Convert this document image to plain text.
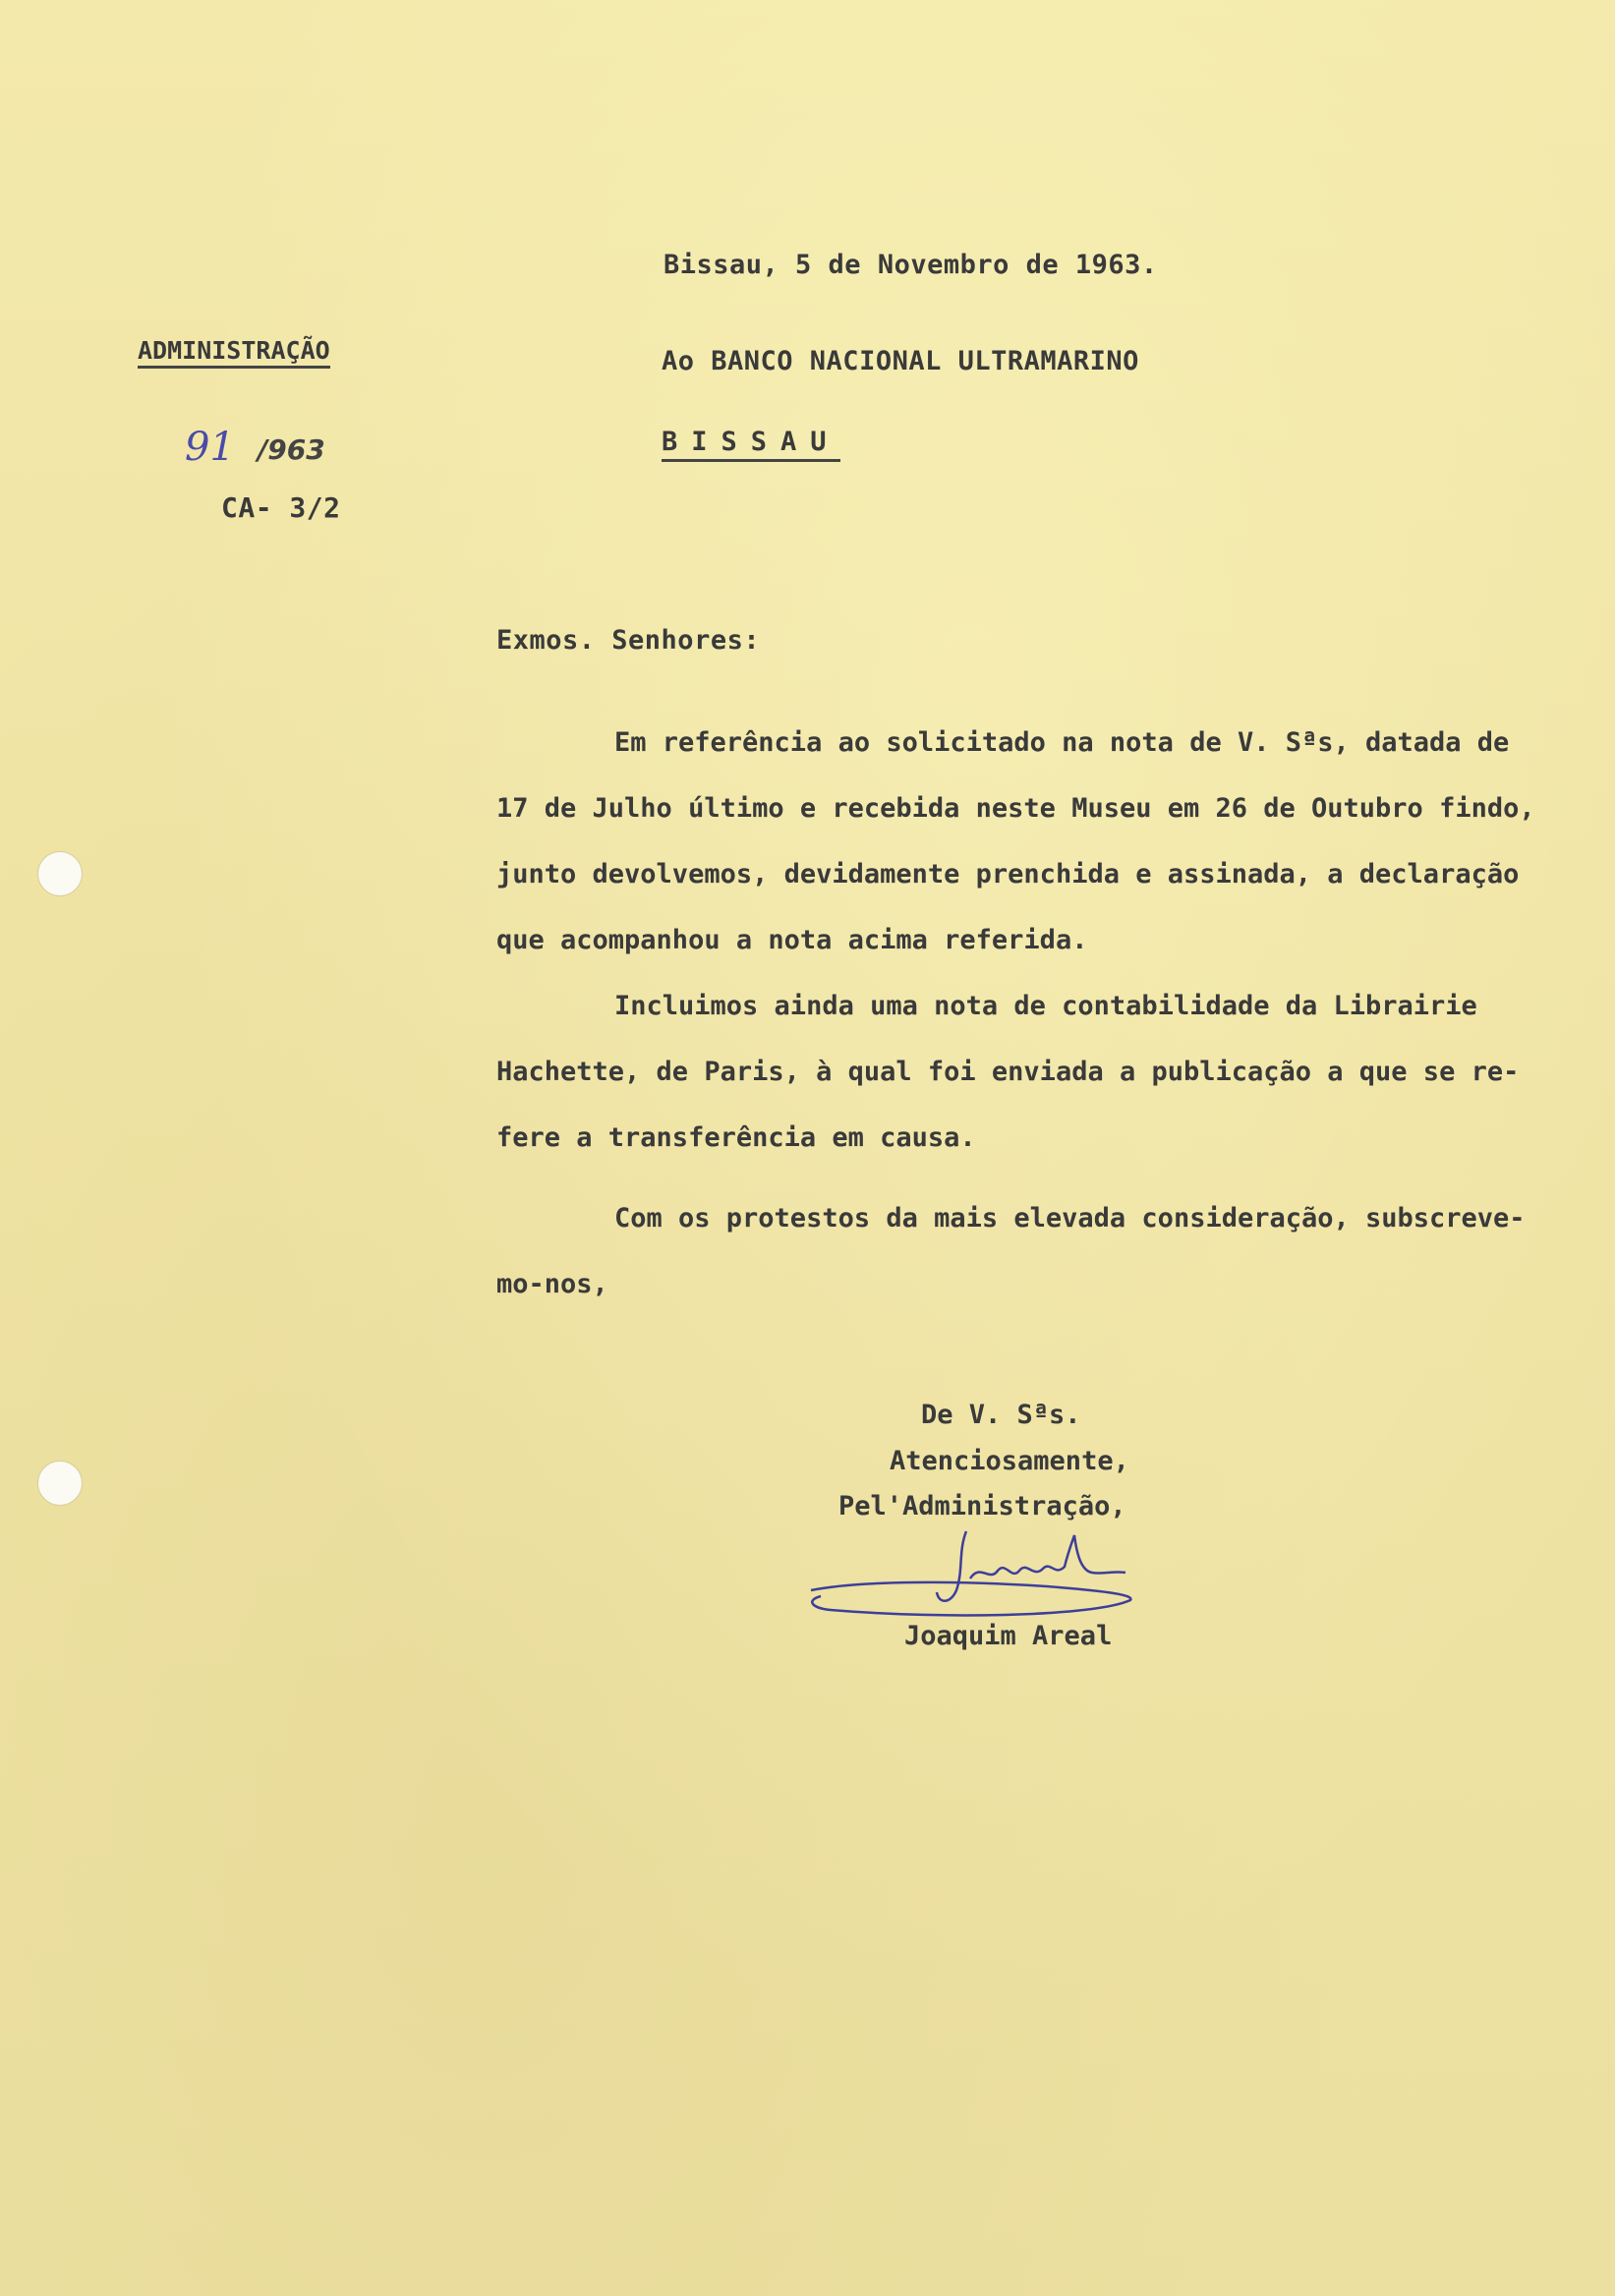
Bissau, 5 de Novembro de 1963.
ADMINISTRAÇÃO	Ao BANCO NACIONAL ULTRAMARINO
BISSAU
91 /963
CA- 3/2
Exmos. Senhores:
Em referência ao solicitado na nota de V. Sªs, datada de
17 de Julho último e recebida neste Museu em 26 de Outubro findo,
junto devolvemos, devidamente prenchida e assinada, a declaração
que acompanhou a nota acima referida.
Incluimos ainda uma nota de contabilidade da Librairie
Hachette, de Paris, à qual foi enviada a publicação a que se re-
fere a transferência em causa.
Com os protestos da mais elevada consideração, subscreve-
mo-nos,
De V. Sªs.
Atenciosamente,
Pel'Administração,
Joaquim Areal
